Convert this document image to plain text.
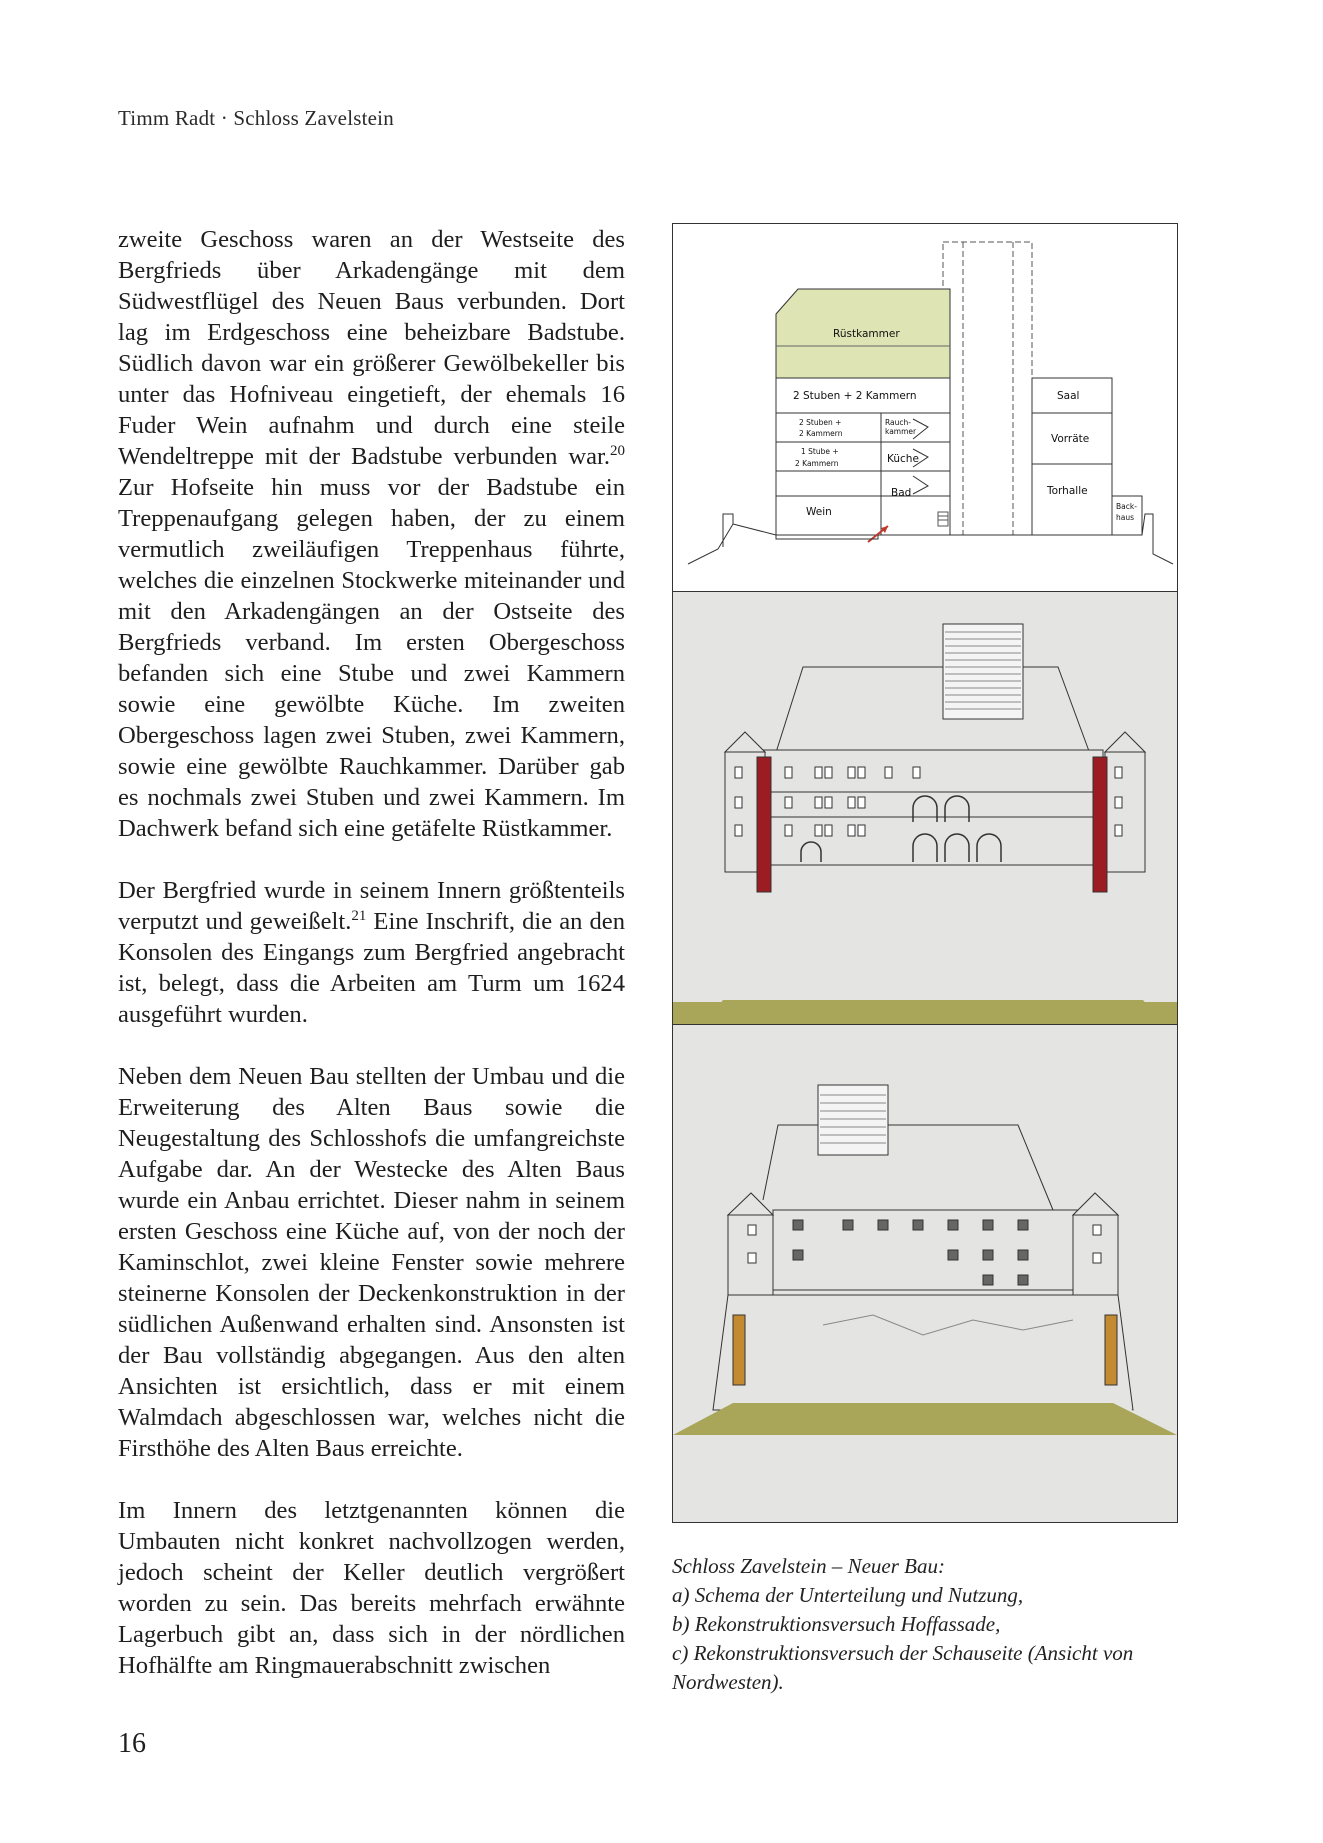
Timm Radt · Schloss Zavelstein

zweite Geschoss waren an der Westseite des Bergfrieds über Arkadengänge mit dem Südwestflügel des Neuen Baus verbunden. Dort lag im Erdgeschoss eine beheizbare Badstube. Südlich davon war ein größerer Gewölbekeller bis unter das Hofniveau eingetieft, der ehemals 16 Fuder Wein aufnahm und durch eine steile Wendeltreppe mit der Badstube verbunden war.$^{20}$ Zur Hofseite hin muss vor der Badstube ein Treppenaufgang gelegen haben, der zu einem vermutlich zweiläufigen Treppenhaus führte, welches die einzelnen Stockwerke miteinander und mit den Arkadengängen an der Ostseite des Bergfrieds verband. Im ersten Obergeschoss befanden sich eine Stube und zwei Kammern sowie eine gewölbte Küche. Im zweiten Obergeschoss lagen zwei Stuben, zwei Kammern, sowie eine gewölbte Rauchkammer. Darüber gab es nochmals zwei Stuben und zwei Kammern. Im Dachwerk befand sich eine getäfelte Rüstkammer.

Der Bergfried wurde in seinem Innern größtenteils verputzt und geweißelt.$^{21}$ Eine Inschrift, die an den Konsolen des Eingangs zum Bergfried angebracht ist, belegt, dass die Arbeiten am Turm um 1624 ausgeführt wurden.

Neben dem Neuen Bau stellten der Umbau und die Erweiterung des Alten Baus sowie die Neugestaltung des Schlosshofs die umfangreichste Aufgabe dar. An der Westecke des Alten Baus wurde ein Anbau errichtet. Dieser nahm in seinem ersten Geschoss eine Küche auf, von der noch der Kaminschlot, zwei kleine Fenster sowie mehrere steinerne Konsolen der Deckenkonstruktion in der südlichen Außenwand erhalten sind. Ansonsten ist der Bau vollständig abgegangen. Aus den alten Ansichten ist ersichtlich, dass er mit einem Walmdach abgeschlossen war, welches nicht die Firsthöhe des Alten Baus erreichte.

Im Innern des letztgenannten können die Umbauten nicht konkret nachvollzogen werden, jedoch scheint der Keller deutlich vergrößert worden zu sein. Das bereits mehrfach erwähnte Lagerbuch gibt an, dass sich in der nördlichen Hofhälfte am Ringmauerabschnitt zwischen

Rüstkammer
2 Stuben + 2 Kammern	Saal
2 Stuben +
2 Kammern
Rauch-
kammer
Vorräte
1 Stube +
2 Kammern	Küche
Bad	Torhalle
Back-
haus
Wein
Schloss Zavelstein – Neuer Bau:
a) Schema der Unterteilung und Nutzung,
b) Rekonstruktionsversuch Hoffassade,
c) Rekonstruktionsversuch der Schauseite (Ansicht von
Nordwesten).
16
